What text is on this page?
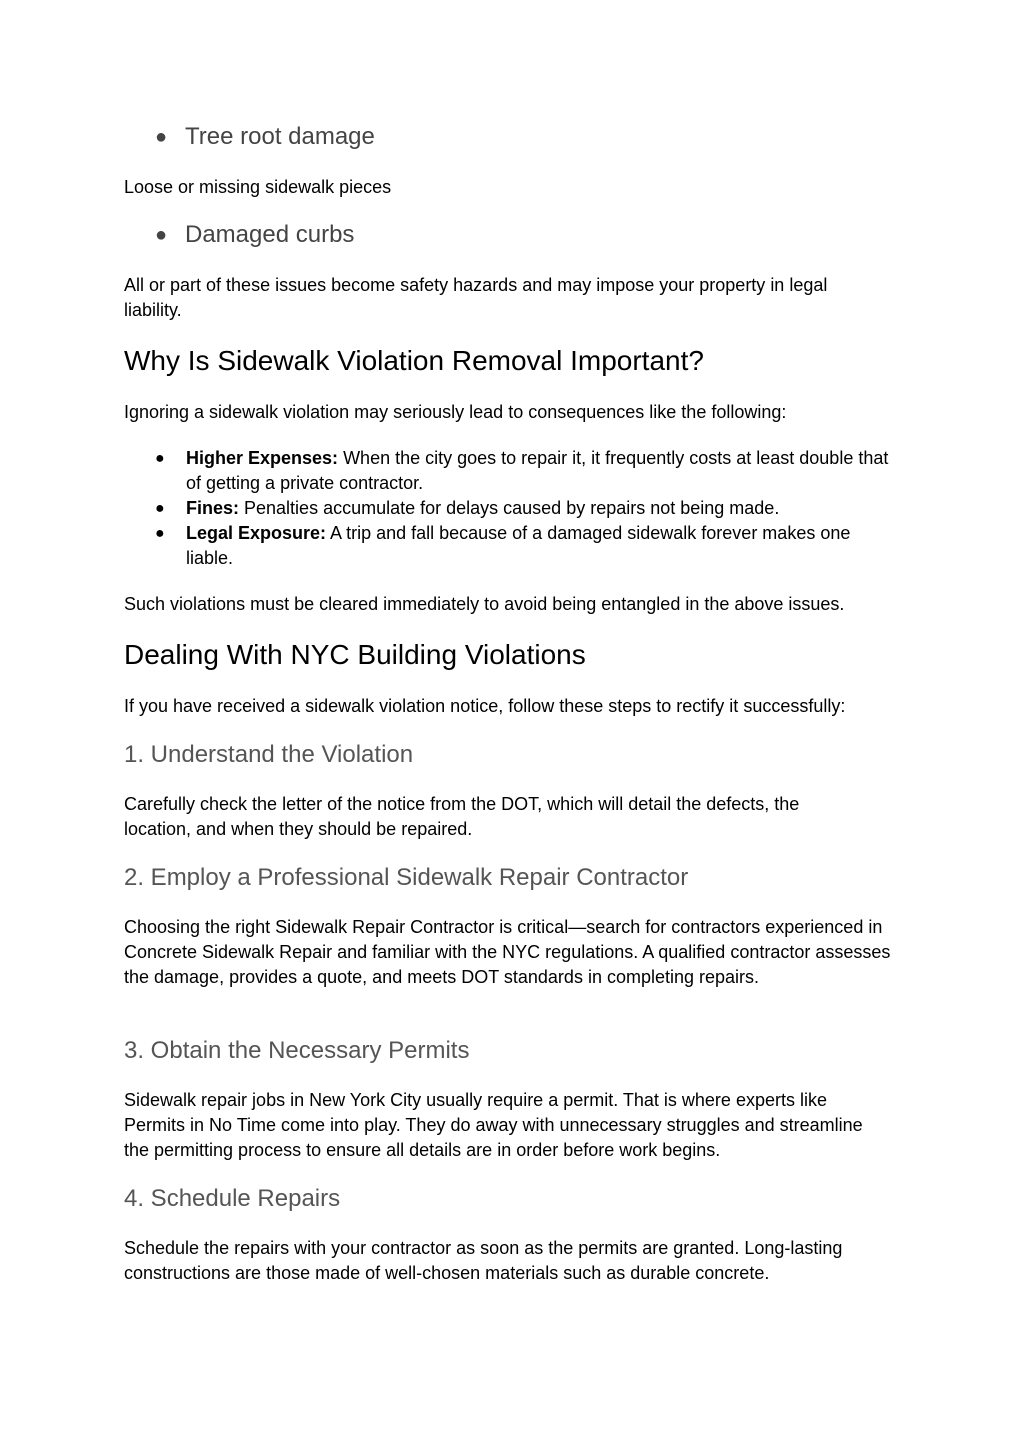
● Tree root damage

Loose or missing sidewalk pieces

● Damaged curbs

All or part of these issues become safety hazards and may impose your property in legal liability.

Why Is Sidewalk Violation Removal Important?

Ignoring a sidewalk violation may seriously lead to consequences like the following:

● Higher Expenses: When the city goes to repair it, it frequently costs at least double that of getting a private contractor.
● Fines: Penalties accumulate for delays caused by repairs not being made.
● Legal Exposure: A trip and fall because of a damaged sidewalk forever makes one liable.

Such violations must be cleared immediately to avoid being entangled in the above issues.

Dealing With NYC Building Violations

If you have received a sidewalk violation notice, follow these steps to rectify it successfully:

1. Understand the Violation

Carefully check the letter of the notice from the DOT, which will detail the defects, the location, and when they should be repaired.

2. Employ a Professional Sidewalk Repair Contractor

Choosing the right Sidewalk Repair Contractor is critical—search for contractors experienced in Concrete Sidewalk Repair and familiar with the NYC regulations. A qualified contractor assesses the damage, provides a quote, and meets DOT standards in completing repairs.

3. Obtain the Necessary Permits

Sidewalk repair jobs in New York City usually require a permit. That is where experts like Permits in No Time come into play. They do away with unnecessary struggles and streamline the permitting process to ensure all details are in order before work begins.

4. Schedule Repairs

Schedule the repairs with your contractor as soon as the permits are granted. Long-lasting constructions are those made of well-chosen materials such as durable concrete.
